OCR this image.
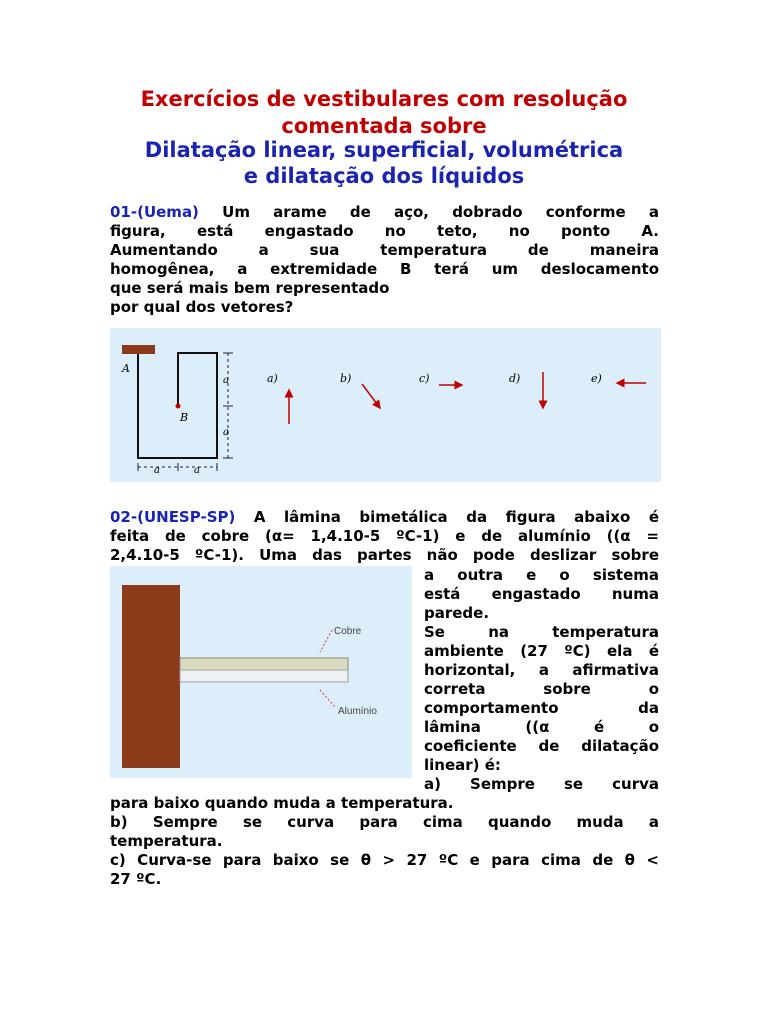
Exercícios de vestibulares com resolução
comentada sobre
Dilatação linear, superficial, volumétrica
e dilatação dos líquidos
01-(Uema) Um arame de aço, dobrado conforme a
figura, está engastado no teto, no ponto A.
Aumentando a sua temperatura de maneira
homogênea, a extremidade B terá um deslocamento
que será mais bem representado
por qual dos vetores?
A
B
a
a
a	a
a)	b)	c)	d)	e)
02-(UNESP-SP) A lâmina bimetálica da figura abaixo é
feita de cobre (α= 1,4.10-5 ºC-1) e de alumínio ((α =
2,4.10-5 ºC-1). Uma das partes não pode deslizar sobre
Cobre
Alumínio
a outra e o sistema
está engastado numa
parede.
Se na temperatura
ambiente (27 ºC) ela é
horizontal, a afirmativa
correta sobre o
comportamento da
lâmina ((α é o
coeficiente de dilatação
linear) é:
a) Sempre se curva
para baixo quando muda a temperatura.
b) Sempre se curva para cima quando muda a
temperatura.
c) Curva-se para baixo se θ > 27 ºC e para cima de θ <
27 ºC.
